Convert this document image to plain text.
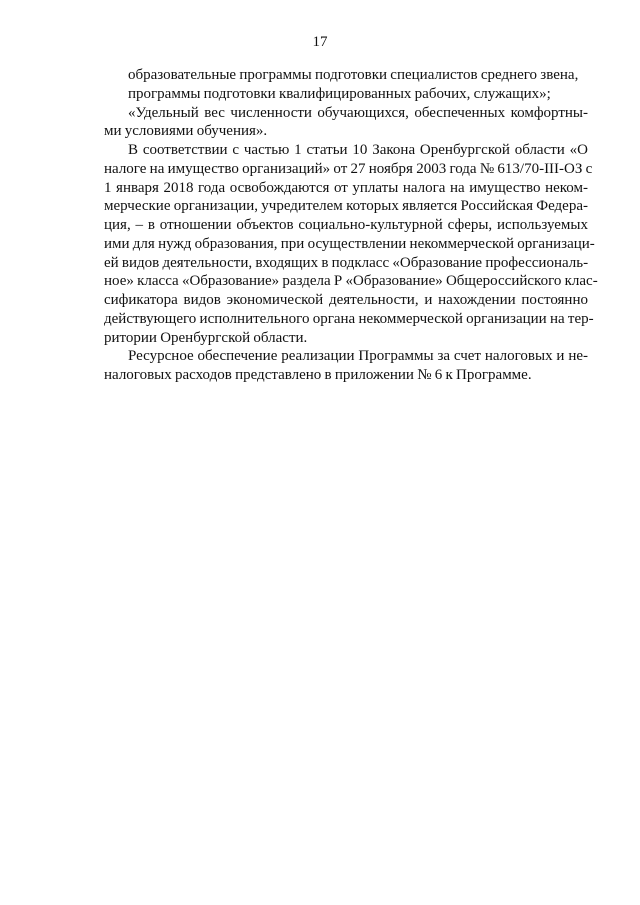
17
образовательные программы подготовки специалистов среднего звена,
программы подготовки квалифицированных рабочих, служащих»;
«Удельный вес численности обучающихся, обеспеченных комфортны-
ми условиями обучения».
В соответствии с частью 1 статьи 10 Закона Оренбургской области «О
налоге на имущество организаций» от 27 ноября 2003 года № 613/70-III-ОЗ с
1 января 2018 года освобождаются от уплаты налога на имущество неком-
мерческие организации, учредителем которых является Российская Федера-
ция, – в отношении объектов социально-культурной сферы, используемых
ими для нужд образования, при осуществлении некоммерческой организаци-
ей видов деятельности, входящих в подкласс «Образование профессиональ-
ное» класса «Образование» раздела Р «Образование» Общероссийского клас-
сификатора видов экономической деятельности, и нахождении постоянно
действующего исполнительного органа некоммерческой организации на тер-
ритории Оренбургской области.
Ресурсное обеспечение реализации Программы за счет налоговых и не-
налоговых расходов представлено в приложении № 6 к Программе.
